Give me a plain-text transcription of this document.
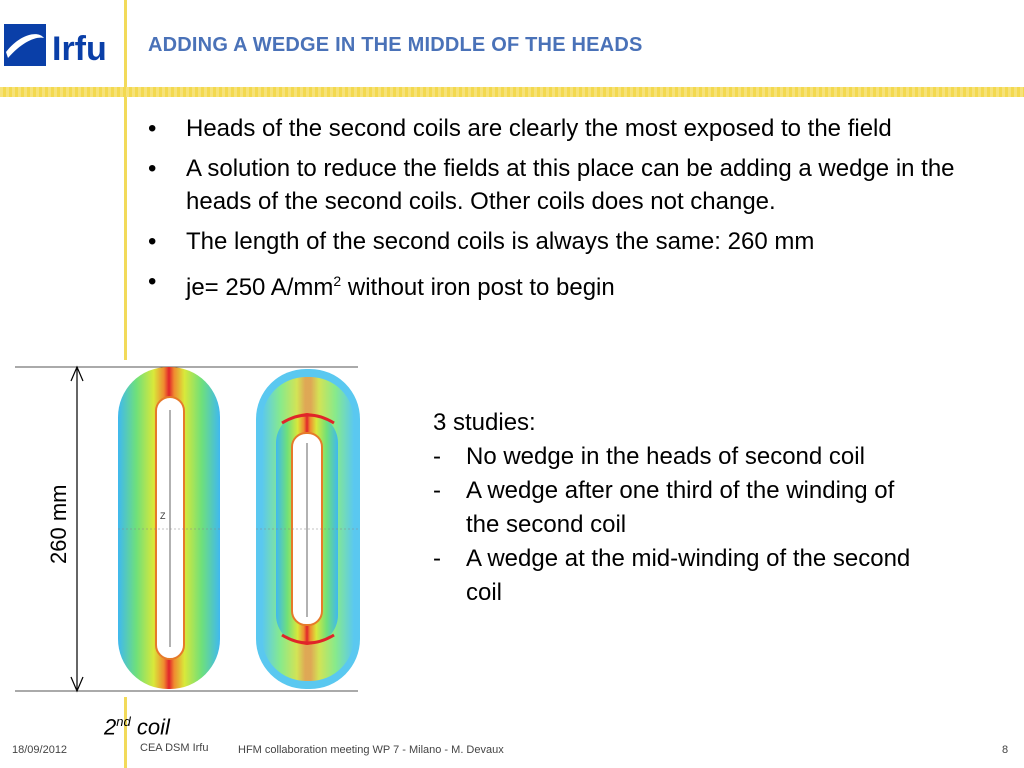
Irfu ADDING A WEDGE IN THE MIDDLE OF THE HEADS
• Heads of the second coils are clearly the most exposed to the field
• A solution to reduce the fields at this place can be adding a wedge in the heads of the second coils. Other coils does not change.
• The length of the second coils is always the same: 260 mm
• je= 250 $A/mm^2$ without iron post to begin
Z
260 mm
2nd coil
3 studies:
- No wedge in the heads of second coil
- A wedge after one third of the winding of the second coil
- A wedge at the mid-winding of the second coil
18/09/2012	CEA DSM Irfu	HFM collaboration meeting WP 7 - Milano - M. Devaux	8
